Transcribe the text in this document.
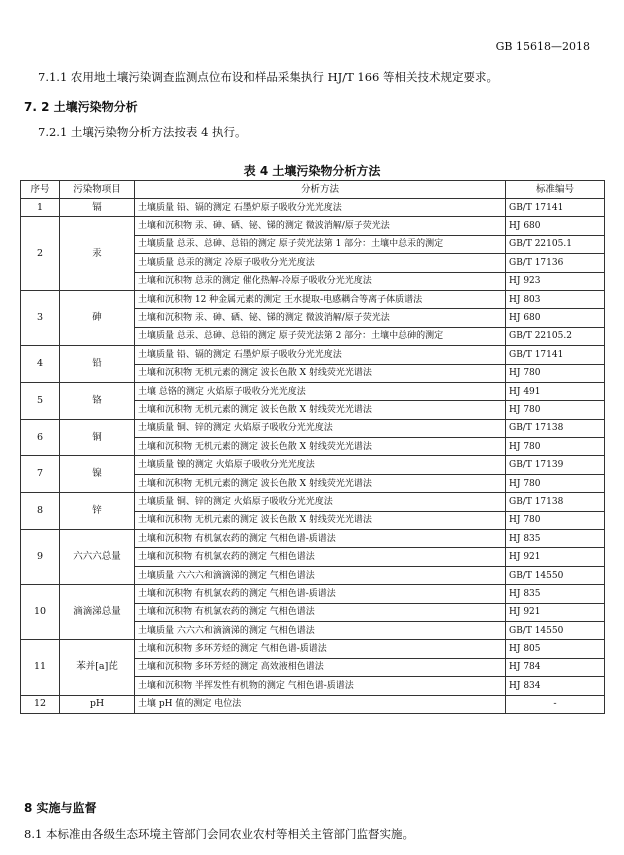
GB 15618—2018
7.1.1 农用地土壤污染调查监测点位布设和样品采集执行 HJ/T 166 等相关技术规定要求。
7. 2 土壤污染物分析
7.2.1 土壤污染物分析方法按表 4 执行。
表 4 土壤污染物分析方法
序号	污染物项目	分析方法	标准编号
1	镉	土壤质量 铅、镉的测定 石墨炉原子吸收分光光度法	GB/T 17141
2	汞	土壤和沉积物 汞、砷、硒、铋、锑的测定 微波消解/原子荧光法	HJ 680
		土壤质量 总汞、总砷、总铅的测定 原子荧光法第 1 部分：土壤中总汞的测定	GB/T 22105.1
		土壤质量 总汞的测定 冷原子吸收分光光度法	GB/T 17136
		土壤和沉积物 总汞的测定 催化热解-冷原子吸收分光光度法	HJ 923
3	砷	土壤和沉积物 12 种金属元素的测定 王水提取-电感耦合等离子体质谱法	HJ 803
		土壤和沉积物 汞、砷、硒、铋、锑的测定 微波消解/原子荧光法	HJ 680
		土壤质量 总汞、总砷、总铅的测定 原子荧光法第 2 部分：土壤中总砷的测定	GB/T 22105.2
4	铅	土壤质量 铅、镉的测定 石墨炉原子吸收分光光度法	GB/T 17141
		土壤和沉积物 无机元素的测定 波长色散 X 射线荧光光谱法	HJ 780
5	铬	土壤 总铬的测定 火焰原子吸收分光光度法	HJ 491
		土壤和沉积物 无机元素的测定 波长色散 X 射线荧光光谱法	HJ 780
6	铜	土壤质量 铜、锌的测定 火焰原子吸收分光光度法	GB/T 17138
		土壤和沉积物 无机元素的测定 波长色散 X 射线荧光光谱法	HJ 780
7	镍	土壤质量 镍的测定 火焰原子吸收分光光度法	GB/T 17139
		土壤和沉积物 无机元素的测定 波长色散 X 射线荧光光谱法	HJ 780
8	锌	土壤质量 铜、锌的测定 火焰原子吸收分光光度法	GB/T 17138
		土壤和沉积物 无机元素的测定 波长色散 X 射线荧光光谱法	HJ 780
9	六六六总量	土壤和沉积物 有机氯农药的测定 气相色谱-质谱法	HJ 835
		土壤和沉积物 有机氯农药的测定 气相色谱法	HJ 921
		土壤质量 六六六和滴滴涕的测定 气相色谱法	GB/T 14550
10	滴滴涕总量	土壤和沉积物 有机氯农药的测定 气相色谱-质谱法	HJ 835
		土壤和沉积物 有机氯农药的测定 气相色谱法	HJ 921
		土壤质量 六六六和滴滴涕的测定 气相色谱法	GB/T 14550
11	苯并[a]芘	土壤和沉积物 多环芳烃的测定 气相色谱-质谱法	HJ 805
		土壤和沉积物 多环芳烃的测定 高效液相色谱法	HJ 784
		土壤和沉积物 半挥发性有机物的测定 气相色谱-质谱法	HJ 834
12	pH	土壤 pH 值的测定 电位法	-
8 实施与监督
8.1 本标准由各级生态环境主管部门会同农业农村等相关主管部门监督实施。
